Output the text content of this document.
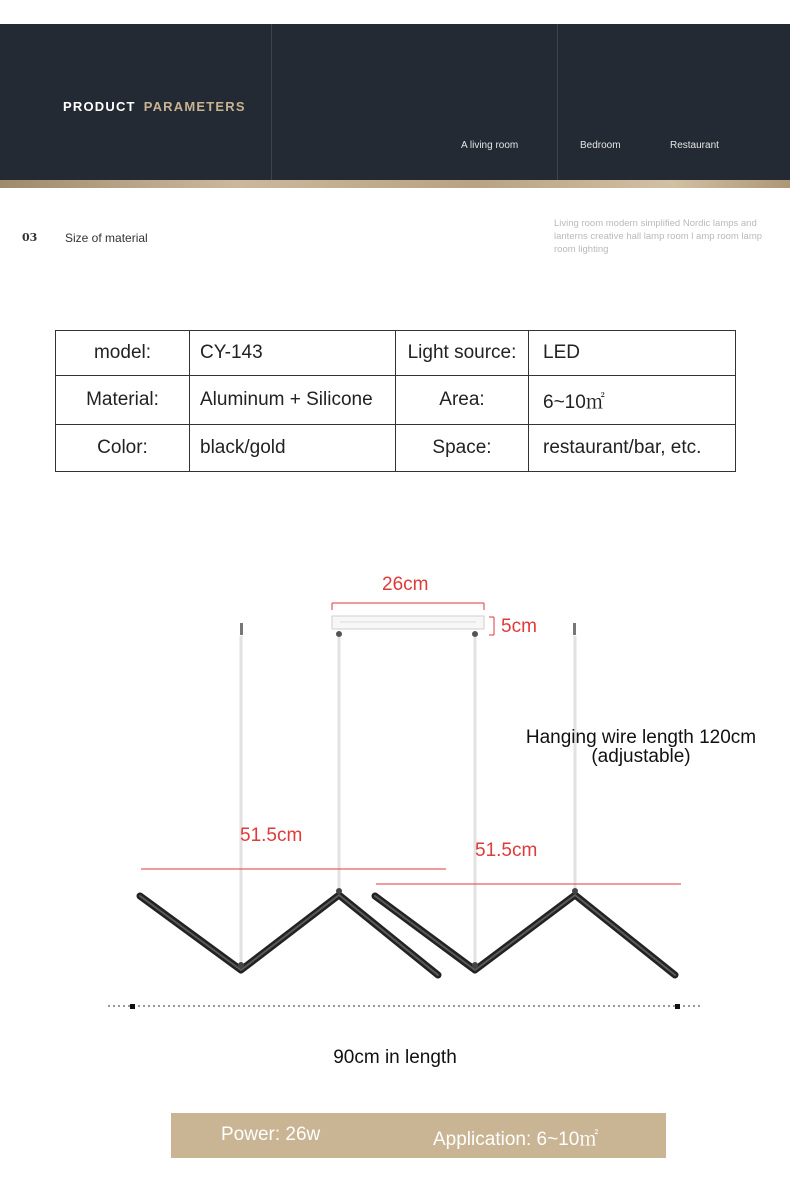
PRODUCT PARAMETERS
A living room	Bedroom	Restaurant
03 Size of material
Living room modern simplified Nordic lamps and lanterns creative hall lamp room l amp room lamp room lighting
model:	CY-143	Light source:	LED
Material:	Aluminum + Silicone	Area:	6~10㎡
Color:	black/gold	Space:	restaurant/bar, etc.
26cm
5cm
51.5cm
51.5cm
Hanging wire length 120cm
(adjustable)
90cm in length
Power: 26w	Application: 6~10㎡
